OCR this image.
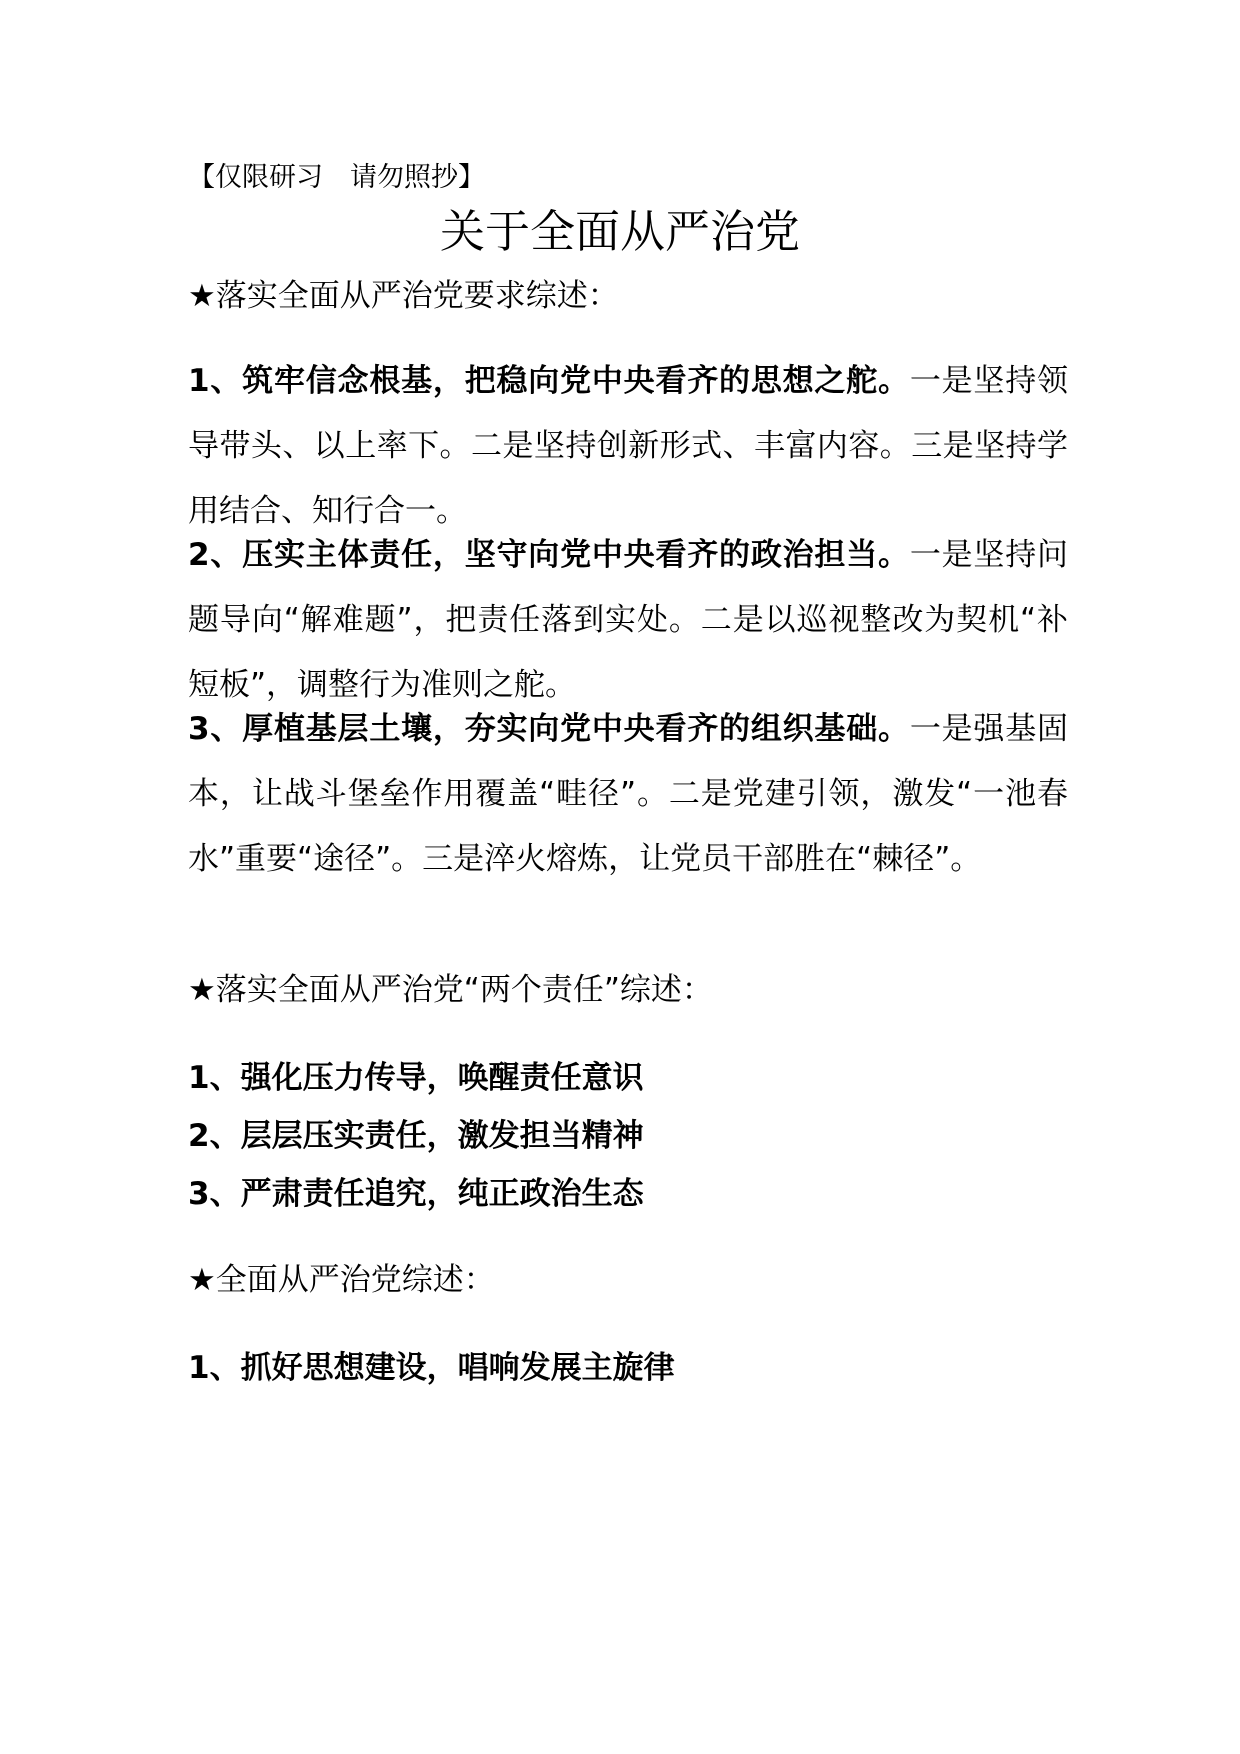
【仅限研习　请勿照抄】
关于全面从严治党
★落实全面从严治党要求综述：
1、筑牢信念根基，把稳向党中央看齐的思想之舵。一是坚持领导带头、以上率下。二是坚持创新形式、丰富内容。三是坚持学用结合、知行合一。
2、压实主体责任，坚守向党中央看齐的政治担当。一是坚持问题导向“解难题”，把责任落到实处。二是以巡视整改为契机“补短板”，调整行为准则之舵。
3、厚植基层土壤，夯实向党中央看齐的组织基础。一是强基固本，让战斗堡垒作用覆盖“畦径”。二是党建引领，激发“一池春水”重要“途径”。三是淬火熔炼，让党员干部胜在“棘径”。
★落实全面从严治党“两个责任”综述：
1、强化压力传导，唤醒责任意识
2、层层压实责任，激发担当精神
3、严肃责任追究，纯正政治生态
★全面从严治党综述：
1、抓好思想建设，唱响发展主旋律
